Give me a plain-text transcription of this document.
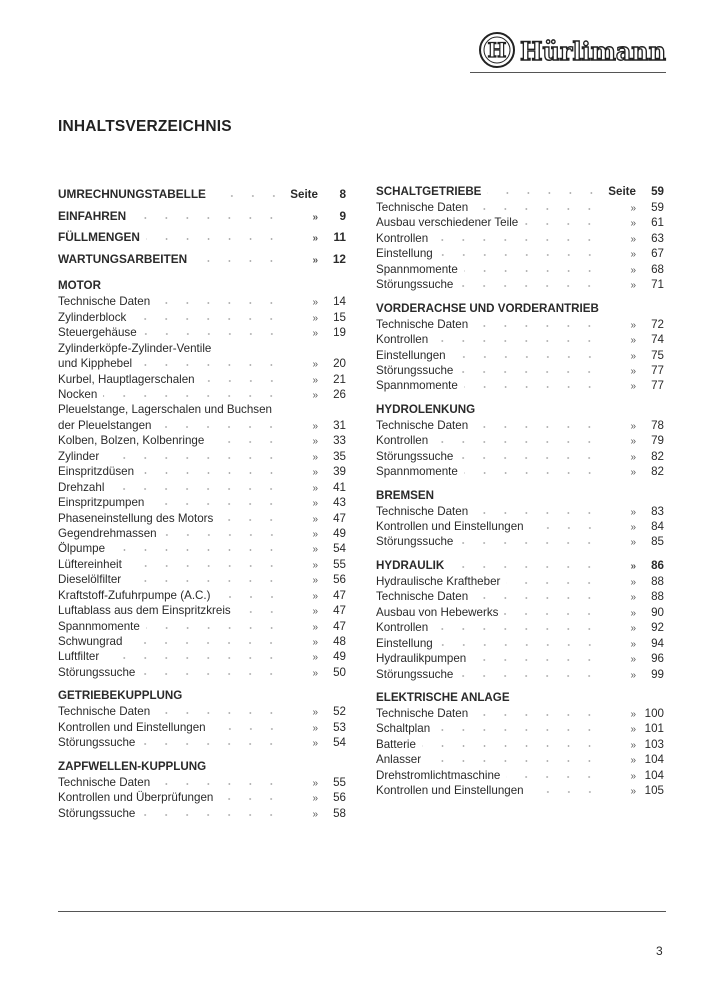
H Hürlimann
INHALTSVERZEICHNIS
UMRECHNUNGSTABELLE	Seite	8
EINFAHREN	»	9
FÜLLMENGEN	»	11
WARTUNGSARBEITEN	»	12
MOTOR
Technische Daten	»	14
Zylinderblock	»	15
Steuergehäuse	»	19
Zylinderköpfe-Zylinder-Ventile
und Kipphebel	»	20
Kurbel, Hauptlagerschalen	»	21
Nocken	»	26
Pleuelstange, Lagerschalen und Buchsen
der Pleuelstangen	»	31
Kolben, Bolzen, Kolbenringe	»	33
Zylinder	»	35
Einspritzdüsen	»	39
Drehzahl	»	41
Einspritzpumpen	»	43
Phaseneinstellung des Motors	»	47
Gegendrehmassen	»	49
Ölpumpe	»	54
Lüftereinheit	»	55
Dieselölfilter	»	56
Kraftstoff-Zufuhrpumpe (A.C.)	»	47
Luftablass aus dem Einspritzkreis	»	47
Spannmomente	»	47
Schwungrad	»	48
Luftfilter	»	49
Störungssuche	»	50
GETRIEBEKUPPLUNG
Technische Daten	»	52
Kontrollen und Einstellungen	»	53
Störungssuche	»	54
ZAPFWELLEN-KUPPLUNG
Technische Daten	»	55
Kontrollen und Überprüfungen	»	56
Störungssuche	»	58
SCHALTGETRIEBE	Seite	59
Technische Daten	»	59
Ausbau verschiedener Teile	»	61
Kontrollen	»	63
Einstellung	»	67
Spannmomente	»	68
Störungssuche	»	71
VORDERACHSE UND VORDERANTRIEB
Technische Daten	»	72
Kontrollen	»	74
Einstellungen	»	75
Störungssuche	»	77
Spannmomente	»	77
HYDROLENKUNG
Technische Daten	»	78
Kontrollen	»	79
Störungssuche	»	82
Spannmomente	»	82
BREMSEN
Technische Daten	»	83
Kontrollen und Einstellungen	»	84
Störungssuche	»	85
HYDRAULIK	»	86
Hydraulische Kraftheber	»	88
Technische Daten	»	88
Ausbau von Hebewerks	»	90
Kontrollen	»	92
Einstellung	»	94
Hydraulikpumpen	»	96
Störungssuche	»	99
ELEKTRISCHE ANLAGE
Technische Daten	» 100
Schaltplan	» 101
Batterie	» 103
Anlasser	» 104
Drehstromlichtmaschine	» 104
Kontrollen und Einstellungen	» 105
3
